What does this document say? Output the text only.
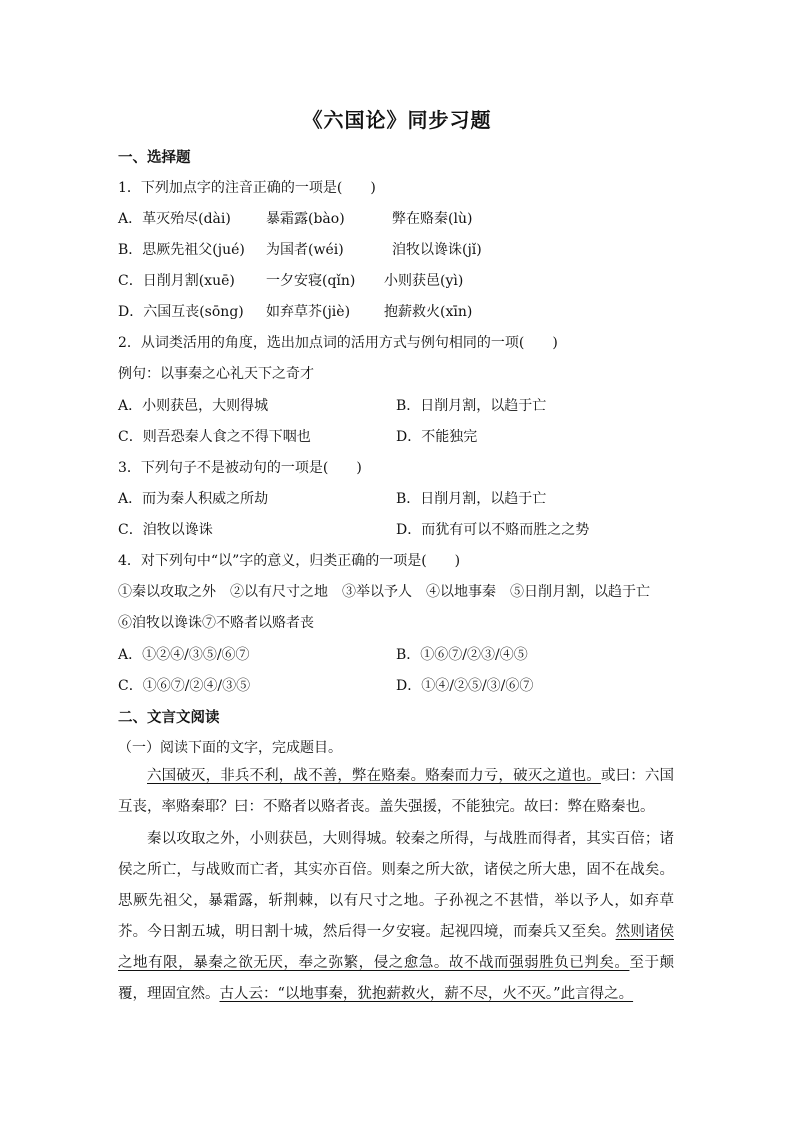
《六国论》同步习题
一、选择题
1．下列加点字的注音正确的一项是(　　)
A．革灭殆尽(dài)	暴霜露(bào)	弊在赂秦(lù)
B．思厥先祖父(jué) 为国者(wéi)	洎牧以谗诛(jǐ)
C．日削月割(xuē) 一夕安寝(qǐn) 小则获邑(yì)
D．六国互丧(sōng) 如弃草芥(jiè) 抱薪救火(xīn)
2．从词类活用的角度，选出加点词的活用方式与例句相同的一项(　　)
例句：以事秦之心礼天下之奇才
A．小则获邑，大则得城	B．日削月割，以趋于亡
C．则吾恐秦人食之不得下咽也	D．不能独完
3．下列句子不是被动句的一项是(　　)
A．而为秦人积威之所劫	B．日削月割，以趋于亡
C．洎牧以谗诛	D．而犹有可以不赂而胜之之势
4．对下列句中“以”字的意义，归类正确的一项是(　　)
①秦以攻取之外　②以有尺寸之地　③举以予人　④以地事秦　⑤日削月割，以趋于亡
⑥洎牧以谗诛⑦不赂者以赂者丧
A．①②④/③⑤/⑥⑦	B．①⑥⑦/②③/④⑤
C．①⑥⑦/②④/③⑤	D．①④/②⑤/③/⑥⑦
二、文言文阅读
（一）阅读下面的文字，完成题目。
六国破灭，非兵不利，战不善，弊在赂秦。赂秦而力亏，破灭之道也。或曰：六国互丧，率赂秦耶？曰：不赂者以赂者丧。盖失强援，不能独完。故曰：弊在赂秦也。
秦以攻取之外，小则获邑，大则得城。较秦之所得，与战胜而得者，其实百倍；诸侯之所亡，与战败而亡者，其实亦百倍。则秦之所大欲，诸侯之所大患，固不在战矣。思厥先祖父，暴霜露，斩荆棘，以有尺寸之地。子孙视之不甚惜，举以予人，如弃草芥。今日割五城，明日割十城，然后得一夕安寝。起视四境，而秦兵又至矣。然则诸侯之地有限，暴秦之欲无厌，奉之弥繁，侵之愈急。故不战而强弱胜负已判矣。至于颠覆，理固宜然。古人云：“以地事秦，犹抱薪救火，薪不尽，火不灭。”此言得之。
